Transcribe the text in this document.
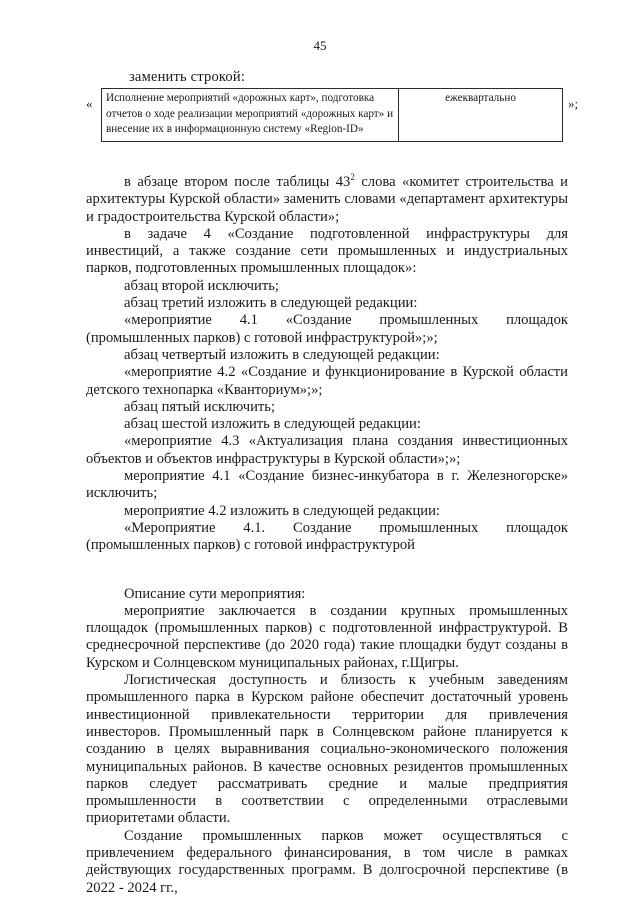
45
заменить строкой:
« Исполнение мероприятий «дорожных карт», подготовка отчетов о ходе реализации мероприятий «дорожных карт» и внесение их в информационную систему «Region-ID»	ежеквартально	»;

в абзаце втором после таблицы $43^2$ слова «комитет строительства и архитектуры Курской области» заменить словами «департамент архитектуры и градостроительства Курской области»;

в задаче 4 «Создание подготовленной инфраструктуры для инвестиций, а также создание сети промышленных и индустриальных парков, подготовленных промышленных площадок»:

абзац второй исключить;

абзац третий изложить в следующей редакции:

«мероприятие 4.1 «Создание промышленных площадок (промышленных парков) с готовой инфраструктурой»;»;

абзац четвертый изложить в следующей редакции:

«мероприятие 4.2 «Создание и функционирование в Курской области детского технопарка «Кванториум»;»;

абзац пятый исключить;

абзац шестой изложить в следующей редакции:

«мероприятие 4.3 «Актуализация плана создания инвестиционных объектов и объектов инфраструктуры в Курской области»;»;

мероприятие 4.1 «Создание бизнес-инкубатора в г. Железногорске» исключить;

мероприятие 4.2 изложить в следующей редакции:

«Мероприятие 4.1. Создание промышленных площадок (промышленных парков) с готовой инфраструктурой

Описание сути мероприятия:

мероприятие заключается в создании крупных промышленных площадок (промышленных парков) с подготовленной инфраструктурой. В среднесрочной перспективе (до 2020 года) такие площадки будут созданы в Курском и Солнцевском муниципальных районах, г.Щигры.

Логистическая доступность и близость к учебным заведениям промышленного парка в Курском районе обеспечит достаточный уровень инвестиционной привлекательности территории для привлечения инвесторов. Промышленный парк в Солнцевском районе планируется к созданию в целях выравнивания социально-экономического положения муниципальных районов. В качестве основных резидентов промышленных парков следует рассматривать средние и малые предприятия промышленности в соответствии с определенными отраслевыми приоритетами области.

Создание промышленных парков может осуществляться с привлечением федерального финансирования, в том числе в рамках действующих государственных программ. В долгосрочной перспективе (в 2022 - 2024 гг.,
